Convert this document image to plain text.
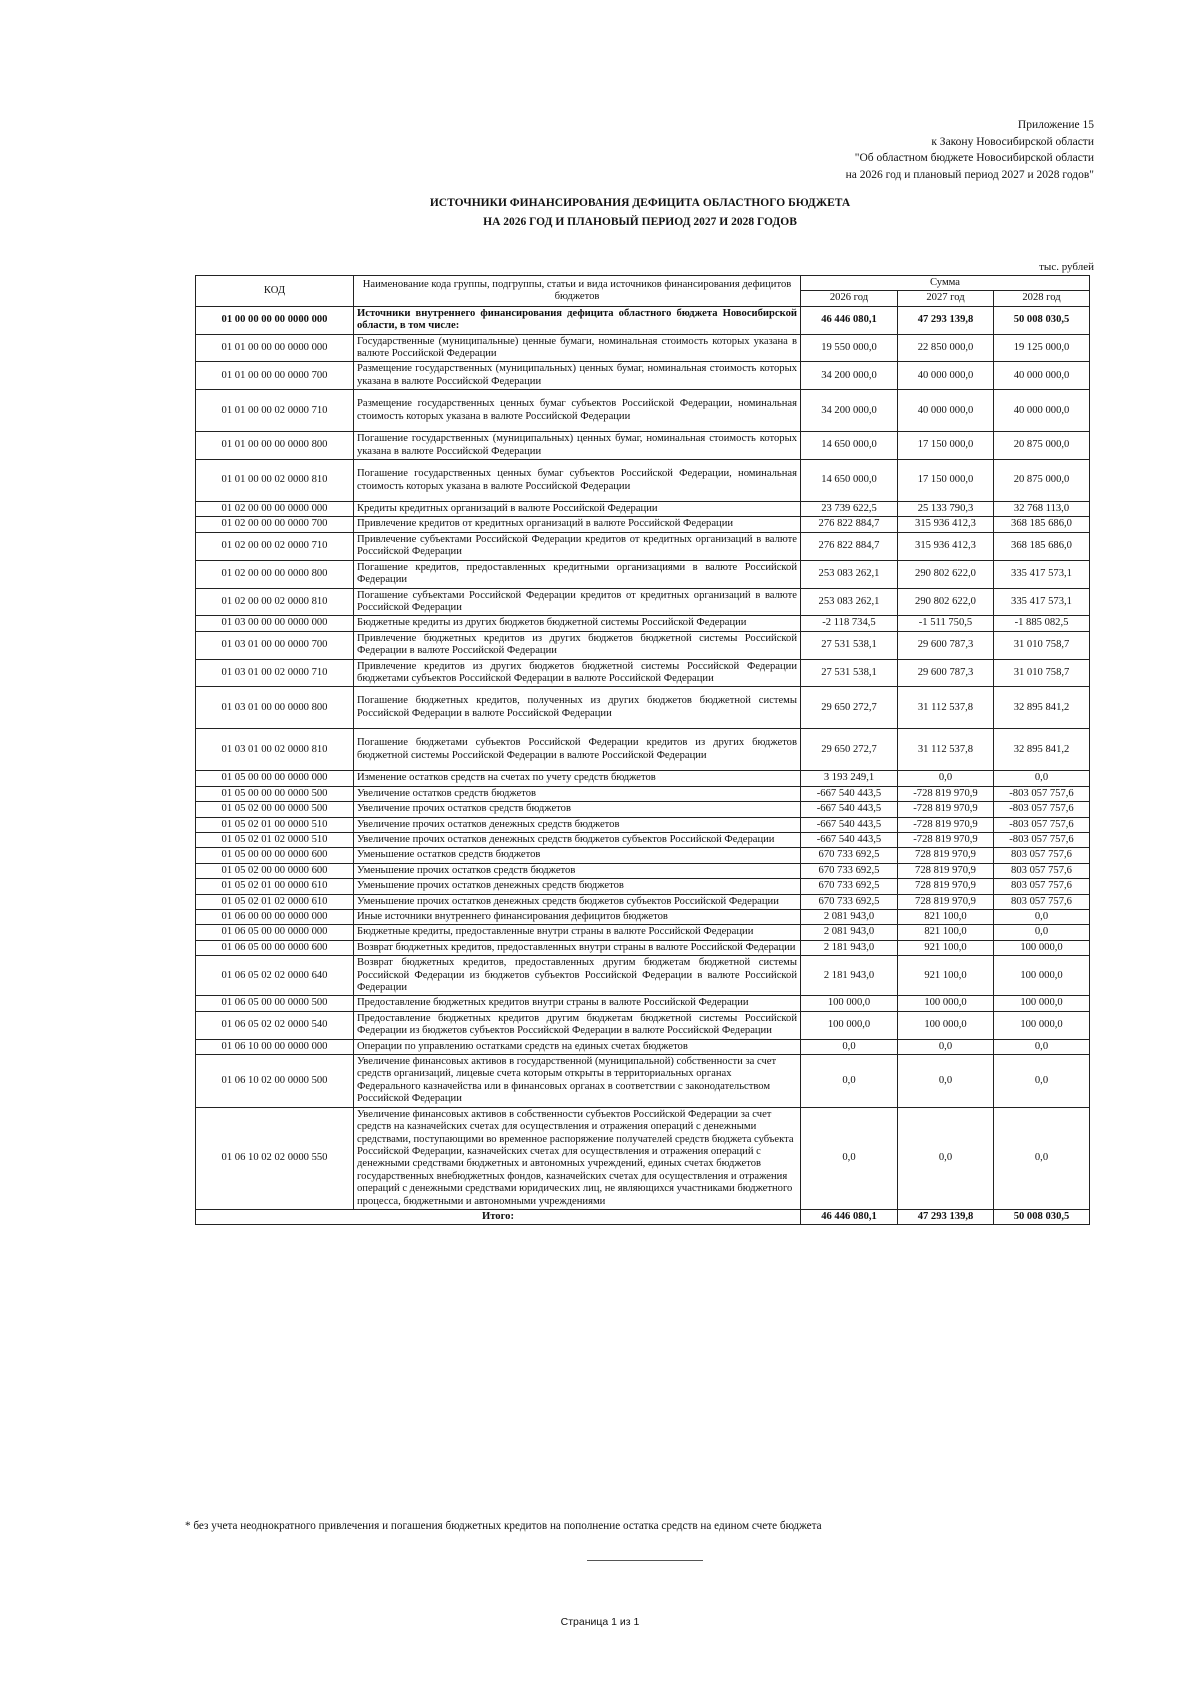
Приложение 15
к Закону Новосибирской области
"Об областном бюджете Новосибирской области
на 2026 год и плановый период 2027 и 2028 годов"
ИСТОЧНИКИ ФИНАНСИРОВАНИЯ ДЕФИЦИТА ОБЛАСТНОГО БЮДЖЕТА
НА 2026 ГОД И ПЛАНОВЫЙ ПЕРИОД 2027 И 2028 ГОДОВ
тыс. рублей
КОД	Наименование кода группы, подгруппы, статьи и вида источников финансирования дефицитов бюджетов	Сумма		
		2026 год	2027 год	2028 год
01 00 00 00 00 0000 000	Источники внутреннего финансирования дефицита областного бюджета Новосибирской области, в том числе:	46 446 080,1	47 293 139,8	50 008 030,5
01 01 00 00 00 0000 000	Государственные (муниципальные) ценные бумаги, номинальная стоимость которых указана в валюте Российской Федерации	19 550 000,0	22 850 000,0	19 125 000,0
01 01 00 00 00 0000 700	Размещение государственных (муниципальных) ценных бумаг, номинальная стоимость которых указана в валюте Российской Федерации	34 200 000,0	40 000 000,0	40 000 000,0
01 01 00 00 02 0000 710	Размещение государственных ценных бумаг субъектов Российской Федерации, номинальная стоимость которых указана в валюте Российской Федерации	34 200 000,0	40 000 000,0	40 000 000,0
01 01 00 00 00 0000 800	Погашение государственных (муниципальных) ценных бумаг, номинальная стоимость которых указана в валюте Российской Федерации	14 650 000,0	17 150 000,0	20 875 000,0
01 01 00 00 02 0000 810	Погашение государственных ценных бумаг субъектов Российской Федерации, номинальная стоимость которых указана в валюте Российской Федерации	14 650 000,0	17 150 000,0	20 875 000,0
01 02 00 00 00 0000 000	Кредиты кредитных организаций в валюте Российской Федерации	23 739 622,5	25 133 790,3	32 768 113,0
01 02 00 00 00 0000 700	Привлечение кредитов от кредитных организаций в валюте Российской Федерации	276 822 884,7	315 936 412,3	368 185 686,0
01 02 00 00 02 0000 710	Привлечение субъектами Российской Федерации кредитов от кредитных организаций в валюте Российской Федерации	276 822 884,7	315 936 412,3	368 185 686,0
01 02 00 00 00 0000 800	Погашение кредитов, предоставленных кредитными организациями в валюте Российской Федерации	253 083 262,1	290 802 622,0	335 417 573,1
01 02 00 00 02 0000 810	Погашение субъектами Российской Федерации кредитов от кредитных организаций в валюте Российской Федерации	253 083 262,1	290 802 622,0	335 417 573,1
01 03 00 00 00 0000 000	Бюджетные кредиты из других бюджетов бюджетной системы Российской Федерации	-2 118 734,5	-1 511 750,5	-1 885 082,5
01 03 01 00 00 0000 700	Привлечение бюджетных кредитов из других бюджетов бюджетной системы Российской Федерации в валюте Российской Федерации	27 531 538,1	29 600 787,3	31 010 758,7
01 03 01 00 02 0000 710	Привлечение кредитов из других бюджетов бюджетной системы Российской Федерации бюджетами субъектов Российской Федерации в валюте Российской Федерации	27 531 538,1	29 600 787,3	31 010 758,7
01 03 01 00 00 0000 800	Погашение бюджетных кредитов, полученных из других бюджетов бюджетной системы Российской Федерации в валюте Российской Федерации	29 650 272,7	31 112 537,8	32 895 841,2
01 03 01 00 02 0000 810	Погашение бюджетами субъектов Российской Федерации кредитов из других бюджетов бюджетной системы Российской Федерации в валюте Российской Федерации	29 650 272,7	31 112 537,8	32 895 841,2
01 05 00 00 00 0000 000	Изменение остатков средств на счетах по учету средств бюджетов	3 193 249,1	0,0	0,0
01 05 00 00 00 0000 500	Увеличение остатков средств бюджетов	-667 540 443,5	-728 819 970,9	-803 057 757,6
01 05 02 00 00 0000 500	Увеличение прочих остатков средств бюджетов	-667 540 443,5	-728 819 970,9	-803 057 757,6
01 05 02 01 00 0000 510	Увеличение прочих остатков денежных средств бюджетов	-667 540 443,5	-728 819 970,9	-803 057 757,6
01 05 02 01 02 0000 510	Увеличение прочих остатков денежных средств бюджетов субъектов Российской Федерации	-667 540 443,5	-728 819 970,9	-803 057 757,6
01 05 00 00 00 0000 600	Уменьшение остатков средств бюджетов	670 733 692,5	728 819 970,9	803 057 757,6
01 05 02 00 00 0000 600	Уменьшение прочих остатков средств бюджетов	670 733 692,5	728 819 970,9	803 057 757,6
01 05 02 01 00 0000 610	Уменьшение прочих остатков денежных средств бюджетов	670 733 692,5	728 819 970,9	803 057 757,6
01 05 02 01 02 0000 610	Уменьшение прочих остатков денежных средств бюджетов субъектов Российской Федерации	670 733 692,5	728 819 970,9	803 057 757,6
01 06 00 00 00 0000 000	Иные источники внутреннего финансирования дефицитов бюджетов	2 081 943,0	821 100,0	0,0
01 06 05 00 00 0000 000	Бюджетные кредиты, предоставленные внутри страны в валюте Российской Федерации	2 081 943,0	821 100,0	0,0
01 06 05 00 00 0000 600	Возврат бюджетных кредитов, предоставленных внутри страны в валюте Российской Федерации	2 181 943,0	921 100,0	100 000,0
01 06 05 02 02 0000 640	Возврат бюджетных кредитов, предоставленных другим бюджетам бюджетной системы Российской Федерации из бюджетов субъектов Российской Федерации в валюте Российской Федерации	2 181 943,0	921 100,0	100 000,0
01 06 05 00 00 0000 500	Предоставление бюджетных кредитов внутри страны в валюте Российской Федерации	100 000,0	100 000,0	100 000,0
01 06 05 02 02 0000 540	Предоставление бюджетных кредитов другим бюджетам бюджетной системы Российской Федерации из бюджетов субъектов Российской Федерации в валюте Российской Федерации	100 000,0	100 000,0	100 000,0
01 06 10 00 00 0000 000	Операции по управлению остатками средств на единых счетах бюджетов	0,0	0,0	0,0
01 06 10 02 00 0000 500	Увеличение финансовых активов в государственной (муниципальной) собственности за счет средств организаций, лицевые счета которым открыты в территориальных органах Федерального казначейства или в финансовых органах в соответствии с законодательством Российской Федерации	0,0	0,0	0,0
01 06 10 02 02 0000 550	Увеличение финансовых активов в собственности субъектов Российской Федерации за счет средств на казначейских счетах для осуществления и отражения операций с денежными средствами, поступающими во временное распоряжение получателей средств бюджета субъекта Российской Федерации, казначейских счетах для осуществления и отражения операций с денежными средствами бюджетных и автономных учреждений, единых счетах бюджетов государственных внебюджетных фондов, казначейских счетах для осуществления и отражения операций с денежными средствами юридических лиц, не являющихся участниками бюджетного процесса, бюджетными и автономными учреждениями	0,0	0,0	0,0
Итого:		46 446 080,1	47 293 139,8	50 008 030,5
* без учета неоднократного привлечения и погашения бюджетных кредитов на пополнение остатка средств на едином счете бюджета
Страница 1 из 1
